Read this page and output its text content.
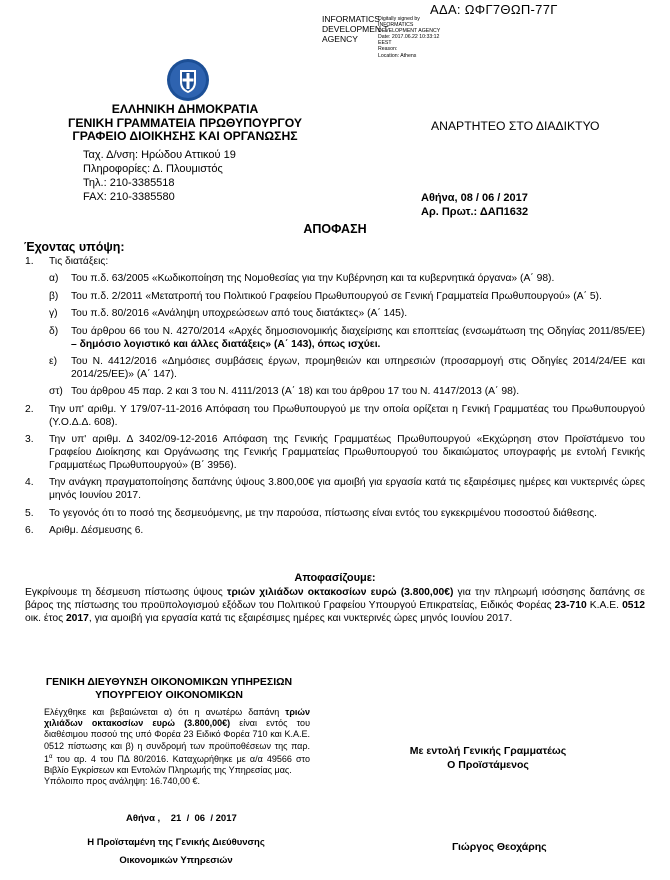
ΑΔΑ: ΩΦΓ7ΘΩΠ-77Γ
INFORMATICS DEVELOPMEN T AGENCY
Digitally signed by
INFORMATICS
DEVELOPMENT AGENCY
Date: 2017.06.22 10:33:12
EEST
Reason:
Location: Athens
ΕΛΛΗΝΙΚΗ ΔΗΜΟΚΡΑΤΙΑ
ΓΕΝΙΚΗ ΓΡΑΜΜΑΤΕΙΑ ΠΡΩΘΥΠΟΥΡΓΟΥ
ΓΡΑΦΕΙΟ ΔΙΟΙΚΗΣΗΣ ΚΑΙ ΟΡΓΑΝΩΣΗΣ
ΑΝΑΡΤΗΤΕΟ ΣΤΟ ΔΙΑΔΙΚΤΥΟ
Ταχ. Δ/νση: Ηρώδου Αττικού 19
Πληροφορίες: Δ. Πλουμιστός
Τηλ.: 210-3385518
FAX: 210-3385580	Αθήνα, 08 / 06 / 2017
Αρ. Πρωτ.: ΔΑΠ1632
ΑΠΟΦΑΣΗ
Έχοντας υπόψη:
1.	Τις διατάξεις:
α)	Του π.δ. 63/2005 «Κωδικοποίηση της Νομοθεσίας για την Κυβέρνηση και τα κυβερνητικά όργανα» (Α΄ 98).
β)	Του π.δ. 2/2011 «Μετατροπή του Πολιτικού Γραφείου Πρωθυπουργού σε Γενική Γραμματεία Πρωθυπουργού» (Α΄ 5).
γ)	Του π.δ. 80/2016 «Ανάληψη υποχρεώσεων από τους διατάκτες» (Α΄ 145).
δ)	Του άρθρου 66 του Ν. 4270/2014 «Αρχές δημοσιονομικής διαχείρισης και εποπτείας (ενσωμάτωση της Οδηγίας 2011/85/ΕΕ) – δημόσιο λογιστικό και άλλες διατάξεις» (Α΄ 143), όπως ισχύει.
ε)	Του Ν. 4412/2016 «Δημόσιες συμβάσεις έργων, προμηθειών και υπηρεσιών (προσαρμογή στις Οδηγίες 2014/24/ΕΕ και 2014/25/ΕΕ)» (Α΄ 147).
στ) Του άρθρου 45 παρ. 2 και 3 του Ν. 4111/2013 (Α΄ 18) και του άρθρου 17 του Ν. 4147/2013 (Α΄ 98).
2.	Την υπ' αριθμ. Υ 179/07-11-2016 Απόφαση του Πρωθυπουργού με την οποία ορίζεται η Γενική Γραμματέας του Πρωθυπουργού (Υ.Ο.Δ.Δ. 608).
3.	Την υπ' αριθμ. Δ 3402/09-12-2016 Απόφαση της Γενικής Γραμματέως Πρωθυπουργού «Εκχώρηση στον Προϊστάμενο του Γραφείου Διοίκησης και Οργάνωσης της Γενικής Γραμματείας Πρωθυπουργού του δικαιώματος υπογραφής με εντολή Γενικής Γραμματέως Πρωθυπουργού» (Β΄ 3956).
4.	Την ανάγκη πραγματοποίησης δαπάνης ύψους 3.800,00€ για αμοιβή για εργασία κατά τις εξαιρέσιμες ημέρες και νυκτερινές ώρες μηνός Ιουνίου 2017.
5.	Το γεγονός ότι το ποσό της δεσμευόμενης, με την παρούσα, πίστωσης είναι εντός του εγκεκριμένου ποσοστού διάθεσης.
6.	Αριθμ. Δέσμευσης 6.
Αποφασίζουμε:
Εγκρίνουμε τη δέσμευση πίστωσης ύψους τριών χιλιάδων οκτακοσίων ευρώ (3.800,00€) για την πληρωμή ισόσησης δαπάνης σε βάρος της πίστωσης του προϋπολογισμού εξόδων του Πολιτικού Γραφείου Υπουργού Επικρατείας, Ειδικός Φορέας 23-710 Κ.Α.Ε. 0512 οικ. έτος 2017, για αμοιβή για εργασία κατά τις εξαιρέσιμες ημέρες και νυκτερινές ώρες μηνός Ιουνίου 2017.
ΓΕΝΙΚΗ ΔΙΕΥΘΥΝΣΗ ΟΙΚΟΝΟΜΙΚΩΝ ΥΠΗΡΕΣΙΩΝ
ΥΠΟΥΡΓΕΙΟΥ ΟΙΚΟΝΟΜΙΚΩΝ
Ελέγχθηκε και βεβαιώνεται α) ότι η ανωτέρω δαπάνη τριών χιλιάδων οκτακοσίων ευρώ (3.800,00€) είναι εντός του διαθέσιμου ποσού της υπό Φορέα 23 Ειδικό Φορέα 710 και Κ.Α.Ε. 0512 πίστωσης και β) η συνδρομή των προϋποθέσεων της παρ. $1^\alpha$ του αρ. 4 του ΠΔ 80/2016. Καταχωρήθηκε με α/α 49566 στο Βιβλίο Εγκρίσεων και Εντολών Πληρωμής της Υπηρεσίας μας.
Υπόλοιπο προς ανάληψη: 16.740,00 €.
Αθήνα ,    21  /  06  / 2017
Η Προϊσταμένη της Γενικής Διεύθυνσης
Οικονομικών Υπηρεσιών
Με εντολή Γενικής Γραμματέως
Ο Προϊστάμενος
Γιώργος Θεοχάρης
